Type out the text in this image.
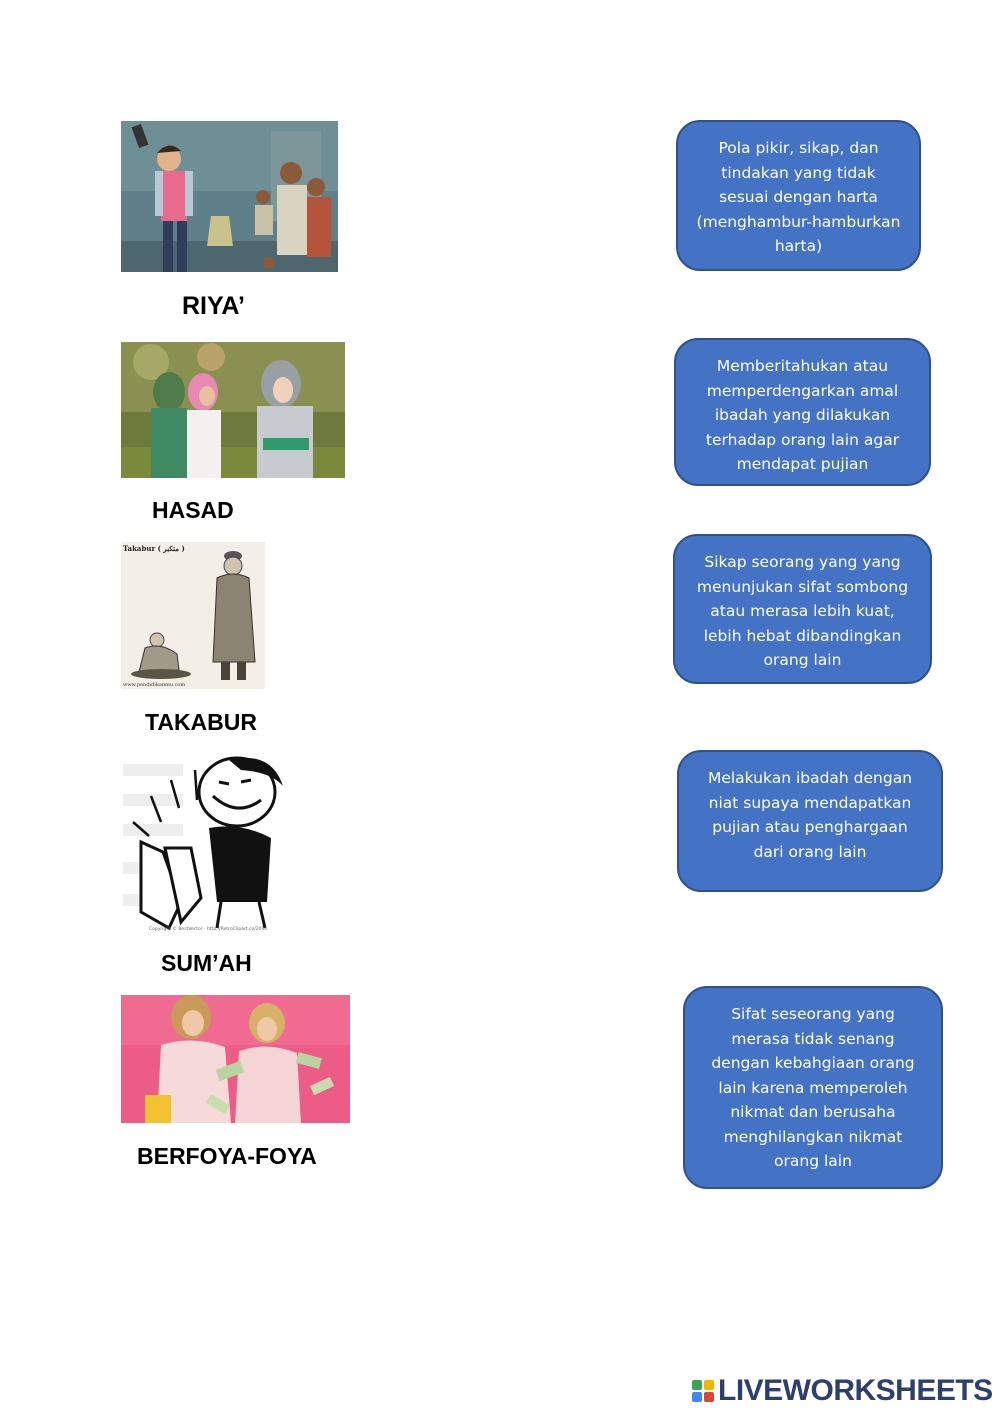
RIYA’
HASAD
Takabur ( متكبر )
www.pendidikanmu.com
TAKABUR
Copyright © BestVector · http://RetroClipart.co/2016
SUM’AH
BERFOYA-FOYA
Pola pikir, sikap, dan tindakan yang tidak sesuai dengan harta (menghambur-hamburkan harta)
Memberitahukan atau memperdengarkan amal ibadah yang dilakukan terhadap orang lain agar mendapat pujian
Sikap seorang yang yang menunjukan sifat sombong atau merasa lebih kuat, lebih hebat dibandingkan orang lain
Melakukan ibadah dengan niat supaya mendapatkan pujian atau penghargaan dari orang lain
Sifat seseorang yang merasa tidak senang dengan kebahgiaan orang lain karena memperoleh nikmat dan berusaha menghilangkan nikmat orang lain
LIVEWORKSHEETS
